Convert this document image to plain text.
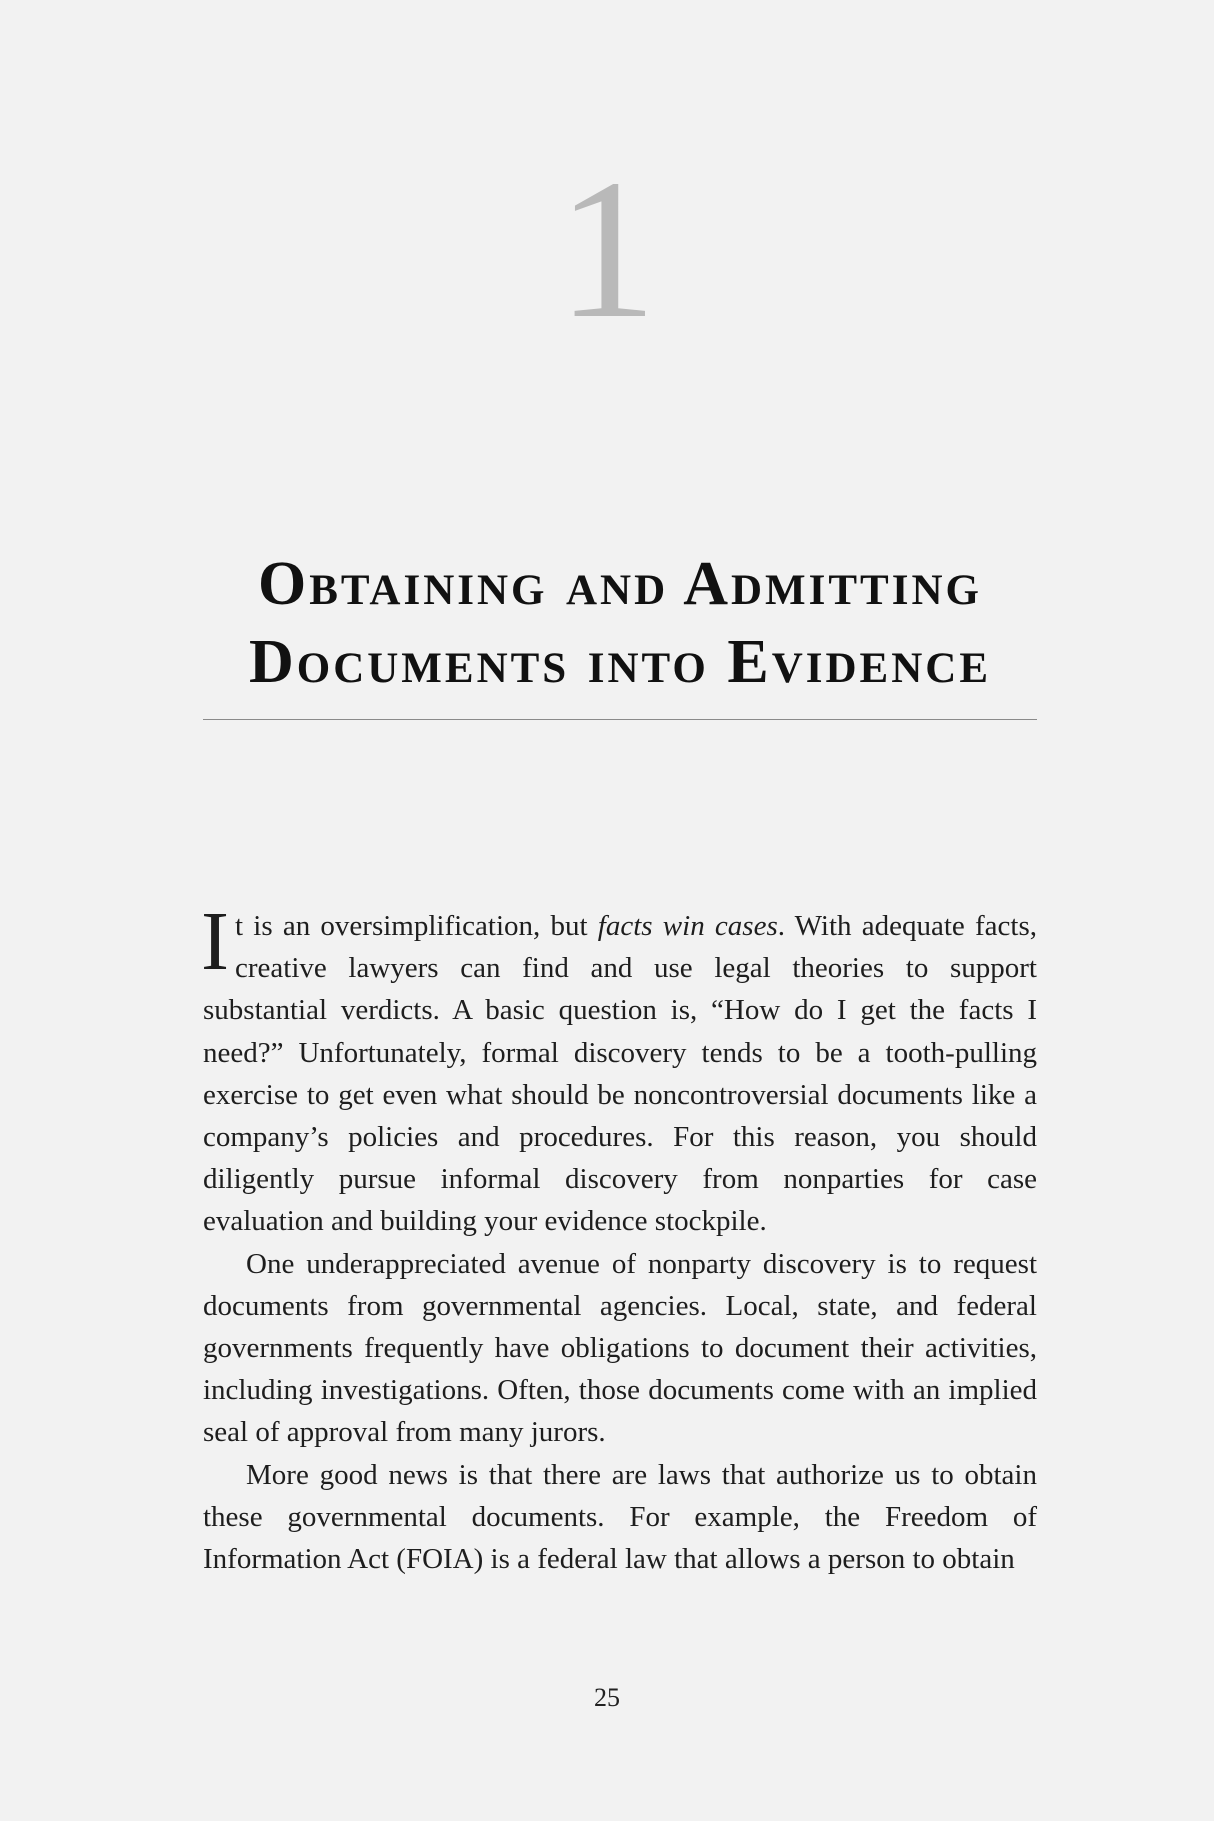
1
Obtaining and Admitting
Documents into Evidence

It is an oversimplification, but facts win cases. With adequate facts, creative lawyers can find and use legal theories to support substantial verdicts. A basic question is, “How do I get the facts I need?” Unfortunately, formal discovery tends to be a tooth-pulling exercise to get even what should be noncontroversial documents like a company’s policies and procedures. For this reason, you should diligently pursue informal discovery from nonparties for case evaluation and building your evidence stockpile.

One underappreciated avenue of nonparty discovery is to request documents from governmental agencies. Local, state, and federal governments frequently have obligations to document their activities, including investigations. Often, those documents come with an implied seal of approval from many jurors.

More good news is that there are laws that authorize us to obtain these governmental documents. For example, the Freedom of Information Act (FOIA) is a federal law that allows a person to obtain

25
